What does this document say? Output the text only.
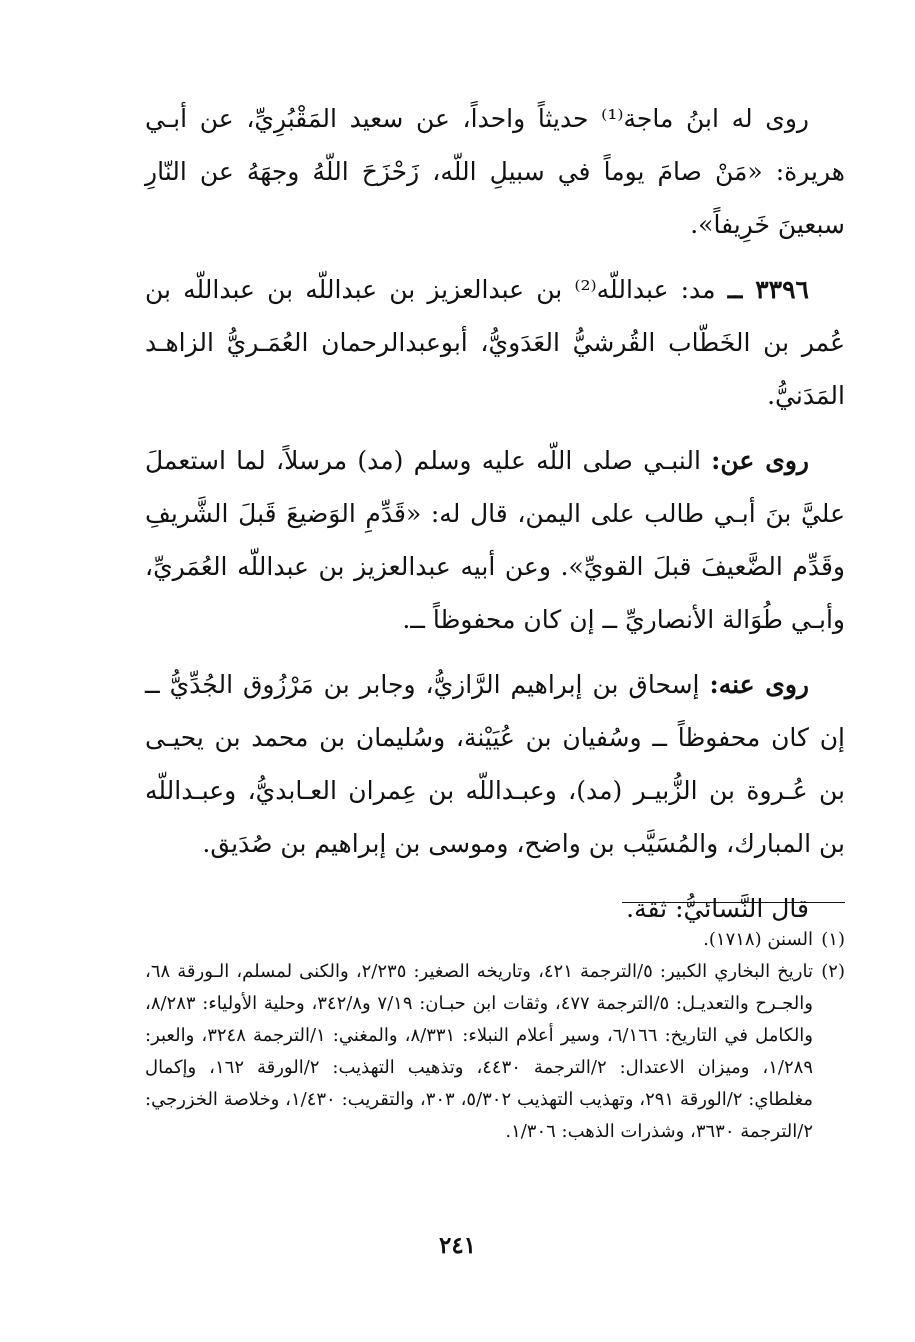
روى له ابنُ ماجة⁽¹⁾ حديثاً واحداً، عن سعيد المَقْبُرِيِّ، عن أبـي هريرة: «مَنْ صامَ يوماً في سبيلِ اللّه، زَحْزَحَ اللّهُ وجهَهُ عن النّارِ سبعينَ خَرِيفاً».

٣٣٩٦ ــ مد: عبداللّه⁽²⁾ بن عبدالعزيز بن عبداللّه بن عبداللّه بن عُمر بن الخَطّاب القُرشيُّ العَدَويُّ، أبوعبدالرحمان العُمَـريُّ الزاهـد المَدَنيُّ.

روى عن: النبـي صلى اللّه عليه وسلم (مد) مرسلاً، لما استعملَ عليَّ بنَ أبـي طالب على اليمن، قال له: «قَدِّمِ الوَضيعَ قَبلَ الشَّريفِ وقَدِّم الضَّعيفَ قبلَ القويِّ». وعن أبيه عبدالعزيز بن عبداللّه العُمَريِّ، وأبـي طُوَالة الأنصاريِّ ــ إن كان محفوظاً ــ.

روى عنه: إسحاق بن إبراهيم الرَّازيُّ، وجابر بن مَرْزُوق الجُدِّيُّ ــ إن كان محفوظاً ــ وسُفيان بن عُيَيْنة، وسُليمان بن محمد بن يحيـى بن عُـروة بن الزُّبيـر (مد)، وعبـداللّه بن عِمران العـابديُّ، وعبـداللّه بن المبارك، والمُسَيَّب بن واضح، وموسى بن إبراهيم بن صُدَيق.

قال النَّسائيُّ: ثقة.

(١)
السنن (١٧١٨).

(٢)
تاريخ البخاري الكبير: ٥/الترجمة ٤٢١، وتاريخه الصغير: ٢/٢٣٥، والكنى لمسلم، الـورقة ٦٨، والجـرح والتعديـل: ٥/الترجمة ٤٧٧، وثقات ابن حبـان: ٧/١٩ و٣٤٢/٨، وحلية الأولياء: ٨/٢٨٣، والكامل في التاريخ: ٦/١٦٦، وسير أعلام النبلاء: ٨/٣٣١، والمغني: ١/الترجمة ٣٢٤٨، والعبر: ١/٢٨٩، وميزان الاعتدال: ٢/الترجمة ٤٤٣٠، وتذهيب التهذيب: ٢/الورقة ١٦٢، وإكمال مغلطاي: ٢/الورقة ٢٩١، وتهذيب التهذيب ٥/٣٠٢، ٣٠٣، والتقريب: ١/٤٣٠، وخلاصة الخزرجي: ٢/الترجمة ٣٦٣٠، وشذرات الذهب: ١/٣٠٦.

٢٤١
